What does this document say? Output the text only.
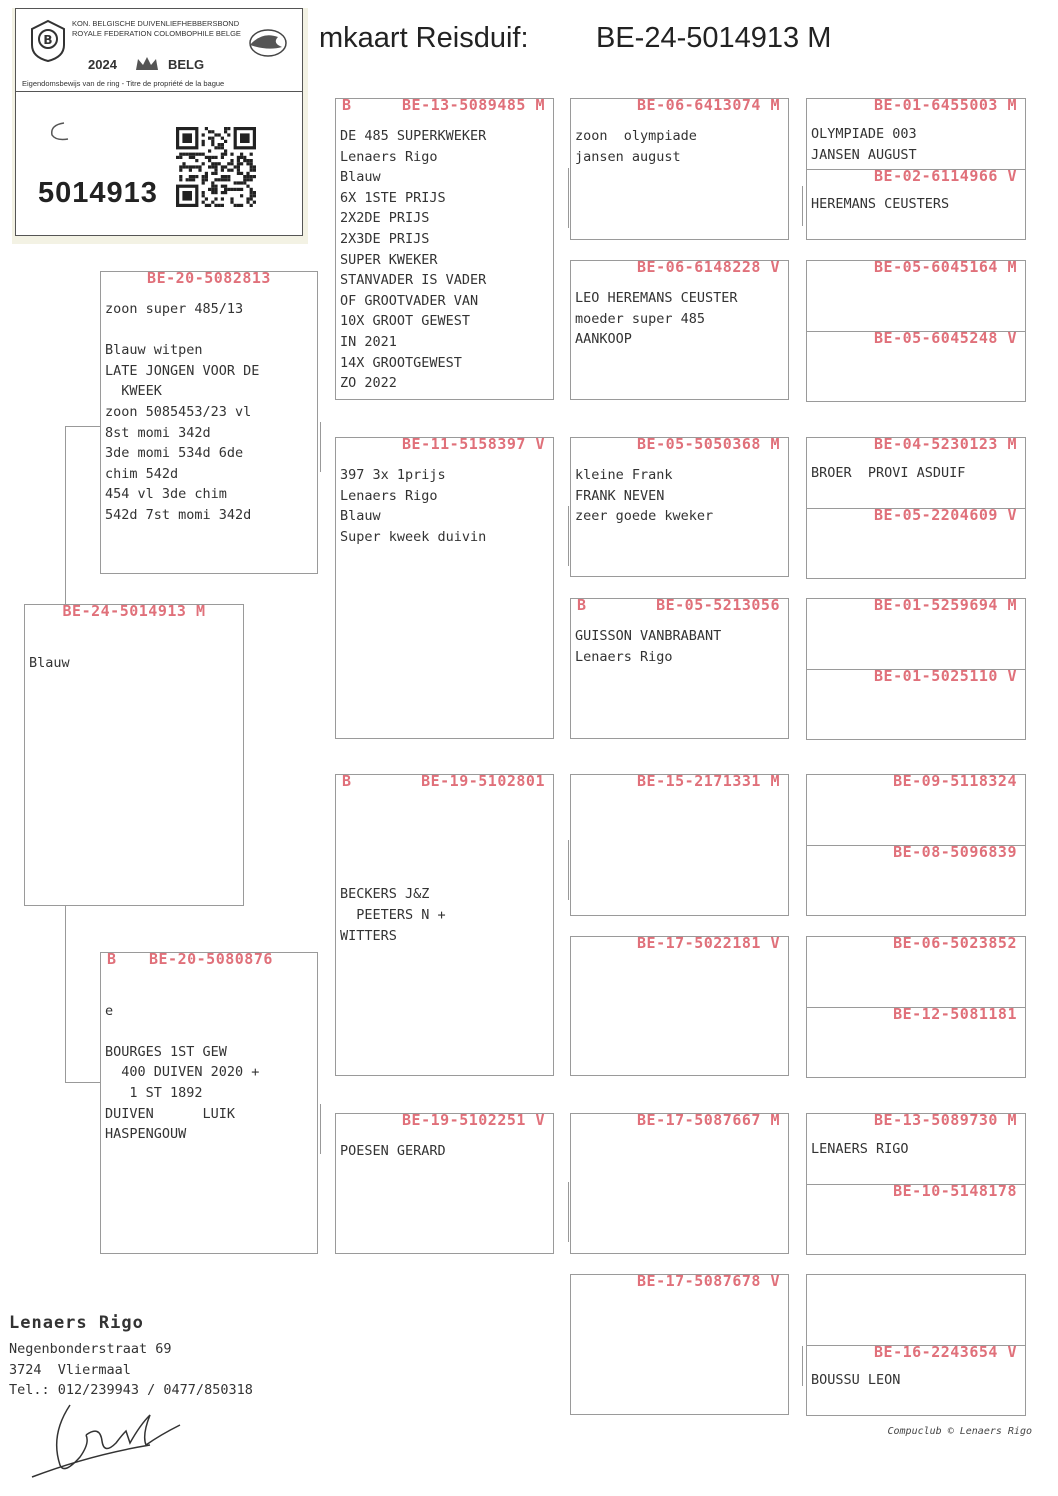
mkaart Reisduif: BE-24-5014913 M
B
KON. BELGISCHE DUIVENLIEFHEBBERSBOND
ROYALE FEDERATION COLOMBOPHILE BELGE
2024	BELG
Eigendomsbewijs van de ring - Titre de propriété de la bague
5014913
BE-24-5014913 M
Blauw
BE-20-5082813
zoon super 485/13
Blauw witpen
LATE JONGEN VOOR DE
KWEEK
zoon 5085453/23 vl
8st momi 342d
3de momi 534d 6de
chim 542d
454 vl 3de chim
542d 7st momi 342d
B BE-20-5080876
e
BOURGES 1ST GEW
400 DUIVEN 2020 +
1 ST 1892
DUIVEN      LUIK
HASPENGOUW
B	BE-13-5089485 M
DE 485 SUPERKWEKER
Lenaers Rigo
Blauw
6X 1STE PRIJS
2X2DE PRIJS
2X3DE PRIJS
SUPER KWEKER
STANVADER IS VADER
OF GROOTVADER VAN
10X GROOT GEWEST
IN 2021
14X GROOTGEWEST
ZO 2022
BE-11-5158397 V
397 3x 1prijs
Lenaers Rigo
Blauw
Super kweek duivin
B	BE-19-5102801
BECKERS J&Z
PEETERS N +
WITTERS
BE-19-5102251 V
POESEN GERARD
BE-06-6413074 M
zoon  olympiade
jansen august
BE-06-6148228 V
LEO HEREMANS CEUSTER
moeder super 485
AANKOOP
BE-05-5050368 M
kleine Frank
FRANK NEVEN
zeer goede kweker
B	BE-05-5213056
GUISSON VANBRABANT
Lenaers Rigo
BE-15-2171331 M
BE-17-5022181 V
BE-17-5087667 M
BE-17-5087678 V
BE-01-6455003 M
OLYMPIADE 003
JANSEN AUGUST
BE-02-6114966 V
HEREMANS CEUSTERS
BE-05-6045164 M
BE-05-6045248 V
BE-04-5230123 M
BROER  PROVI ASDUIF
BE-05-2204609 V
BE-01-5259694 M
BE-01-5025110 V
BE-09-5118324
BE-08-5096839
BE-06-5023852
BE-12-5081181
BE-13-5089730 M
LENAERS RIGO
BE-10-5148178
BE-16-2243654 V
BOUSSU LEON
Lenaers Rigo
Negenbonderstraat 69
3724  Vliermaal
Tel.: 012/239943 / 0477/850318
Compuclub © Lenaers Rigo
